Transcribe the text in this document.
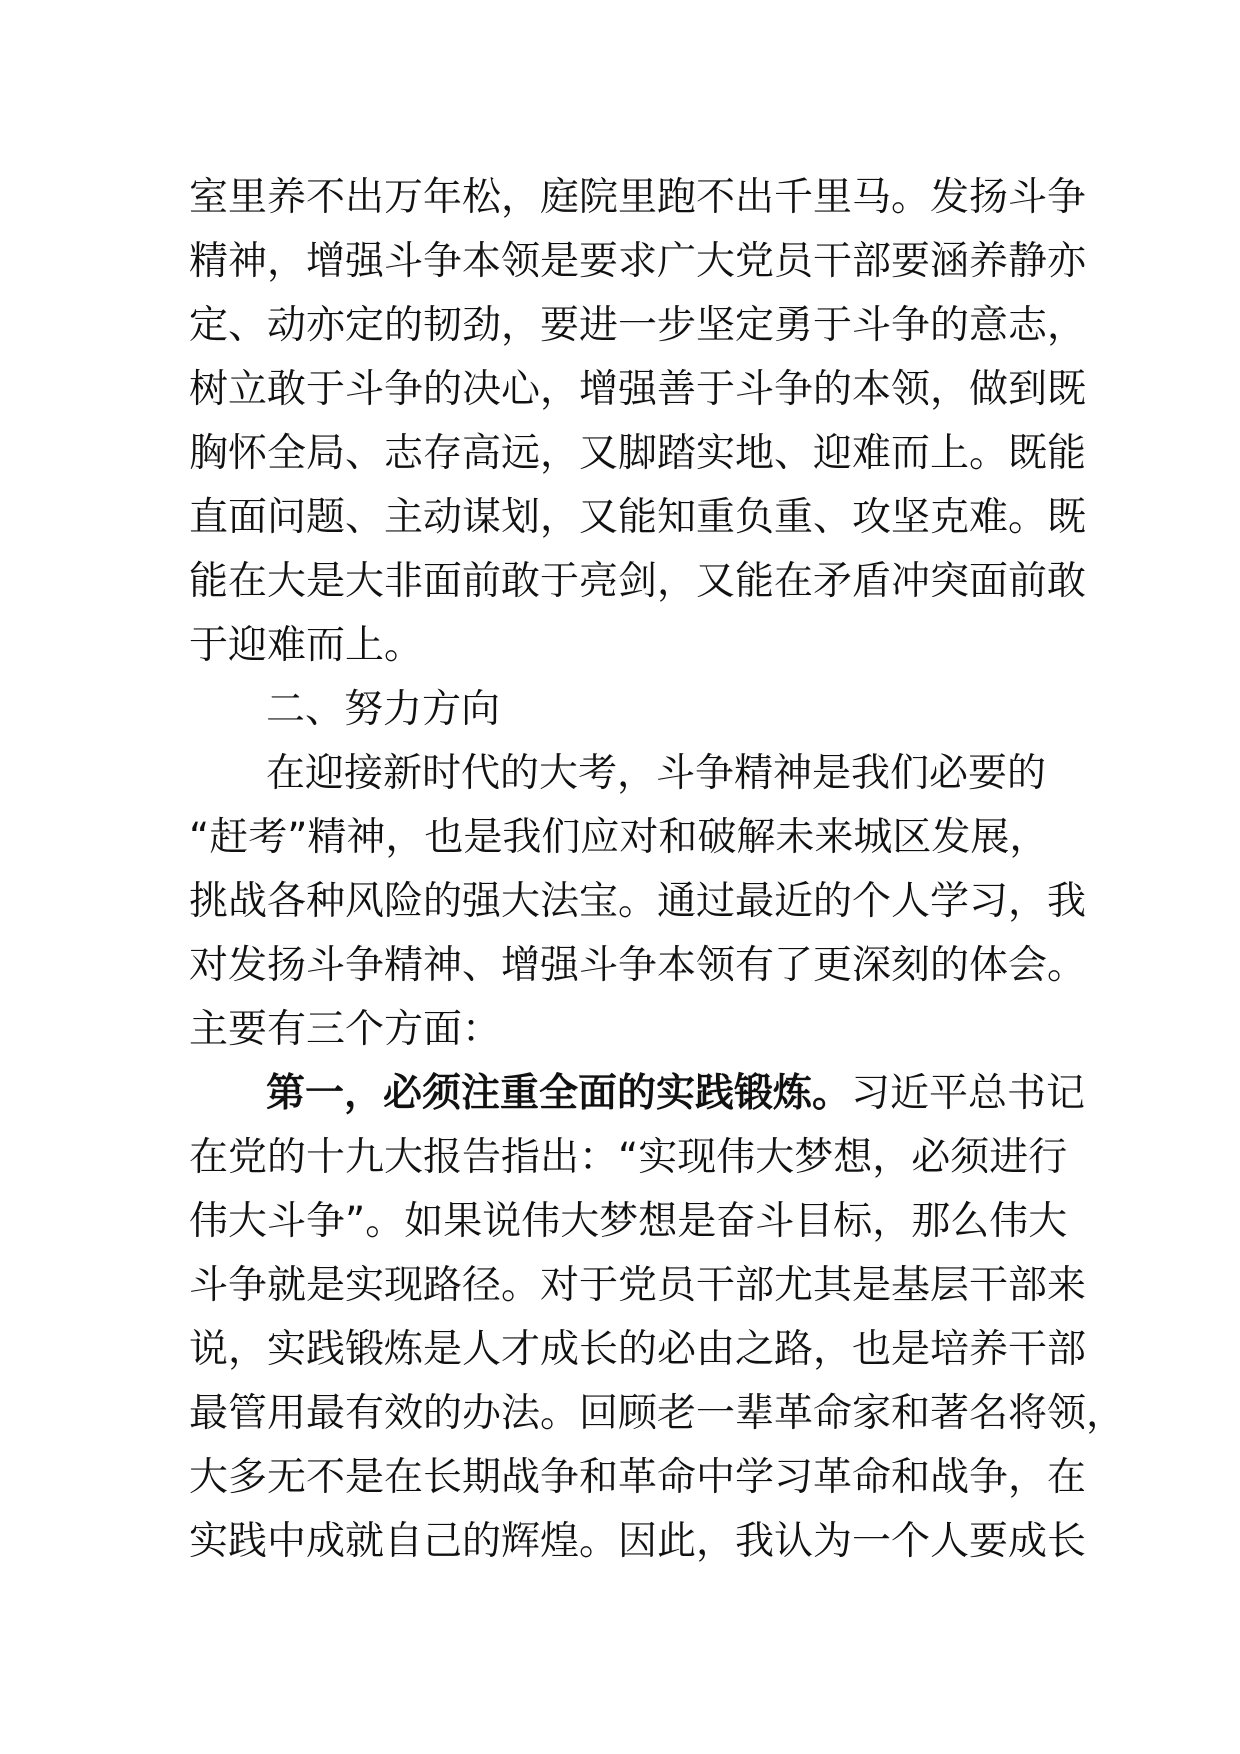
室里养不出万年松，庭院里跑不出千里马。发扬斗争
精神，增强斗争本领是要求广大党员干部要涵养静亦
定、动亦定的韧劲，要进一步坚定勇于斗争的意志，
树立敢于斗争的决心，增强善于斗争的本领，做到既
胸怀全局、志存高远，又脚踏实地、迎难而上。既能
直面问题、主动谋划，又能知重负重、攻坚克难。既
能在大是大非面前敢于亮剑，又能在矛盾冲突面前敢
于迎难而上。
二、努力方向
在迎接新时代的大考，斗争精神是我们必要的
“赶考”精神，也是我们应对和破解未来城区发展，
挑战各种风险的强大法宝。通过最近的个人学习，我
对发扬斗争精神、增强斗争本领有了更深刻的体会。
主要有三个方面：
第一，必须注重全面的实践锻炼。习近平总书记
在党的十九大报告指出：“实现伟大梦想，必须进行
伟大斗争”。如果说伟大梦想是奋斗目标，那么伟大
斗争就是实现路径。对于党员干部尤其是基层干部来
说，实践锻炼是人才成长的必由之路，也是培养干部
最管用最有效的办法。回顾老一辈革命家和著名将领，
大多无不是在长期战争和革命中学习革命和战争，在
实践中成就自己的辉煌。因此，我认为一个人要成长
